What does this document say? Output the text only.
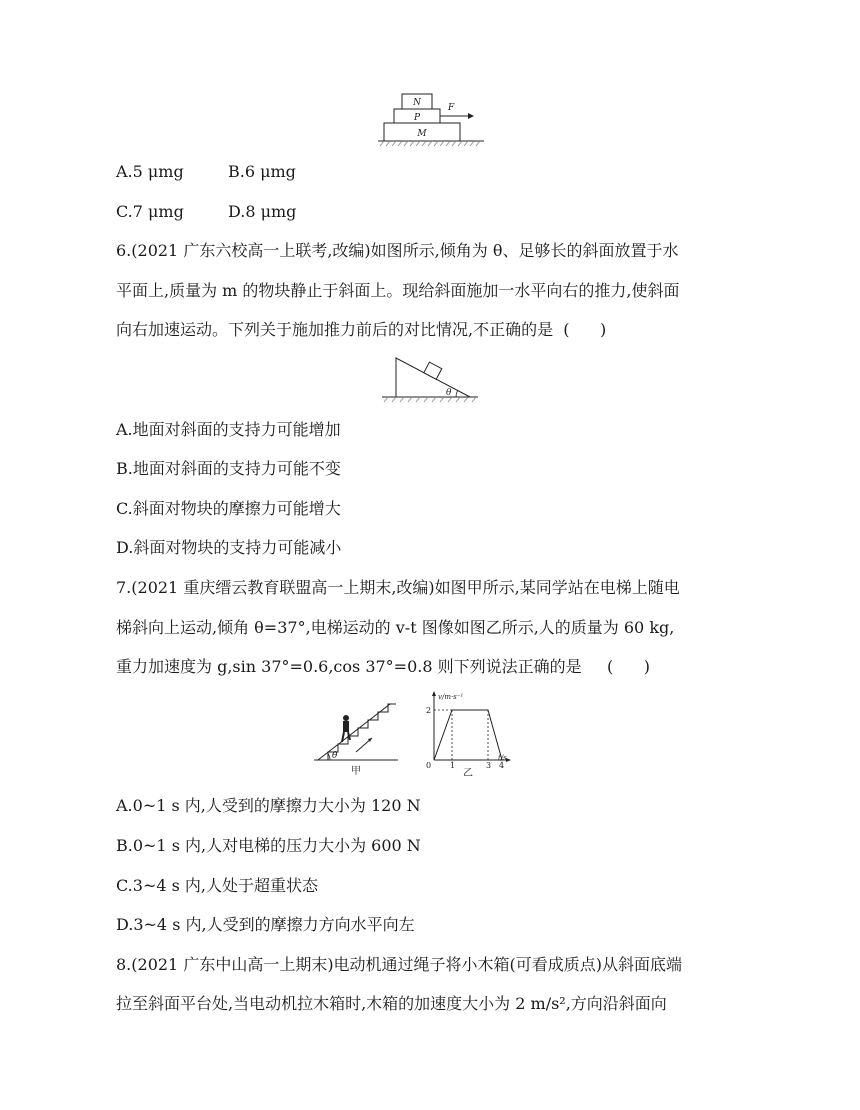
N
P
M
F
A.5 μmg	B.6 μmg
C.7 μmg	D.8 μmg
6.(2021 广东六校高一上联考,改编)如图所示,倾角为 θ、足够长的斜面放置于水
平面上,质量为 m 的物块静止于斜面上。现给斜面施加一水平向右的推力,使斜面
向右加速运动。下列关于施加推力前后的对比情况,不正确的是  (      )
θ
A.地面对斜面的支持力可能增加
B.地面对斜面的支持力可能不变
C.斜面对物块的摩擦力可能增大
D.斜面对物块的支持力可能减小
7.(2021 重庆缙云教育联盟高一上期末,改编)如图甲所示,某同学站在电梯上随电
梯斜向上运动,倾角 θ=37°,电梯运动的 v-t 图像如图乙所示,人的质量为 60 kg,
重力加速度为 g,sin 37°=0.6,cos 37°=0.8 则下列说法正确的是     (      )
θ
甲
v/m·s⁻¹
t/s
2
0 1	3 4
乙
A.0~1 s 内,人受到的摩擦力大小为 120 N
B.0~1 s 内,人对电梯的压力大小为 600 N
C.3~4 s 内,人处于超重状态
D.3~4 s 内,人受到的摩擦力方向水平向左
8.(2021 广东中山高一上期末)电动机通过绳子将小木箱(可看成质点)从斜面底端
拉至斜面平台处,当电动机拉木箱时,木箱的加速度大小为 2 m/s²,方向沿斜面向
